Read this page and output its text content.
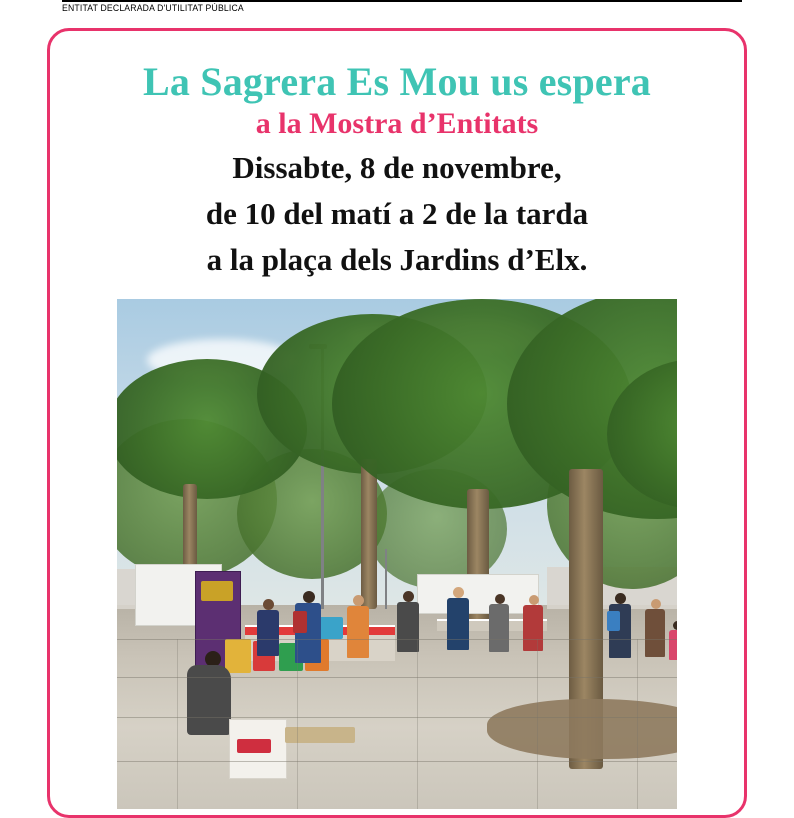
ENTITAT DECLARADA D'UTILITAT PÚBLICA
La Sagrera Es Mou us espera
a la Mostra d’Entitats
Dissabte, 8 de novembre,
de 10 del matí a 2 de la tarda
a la plaça dels Jardins d’Elx.
